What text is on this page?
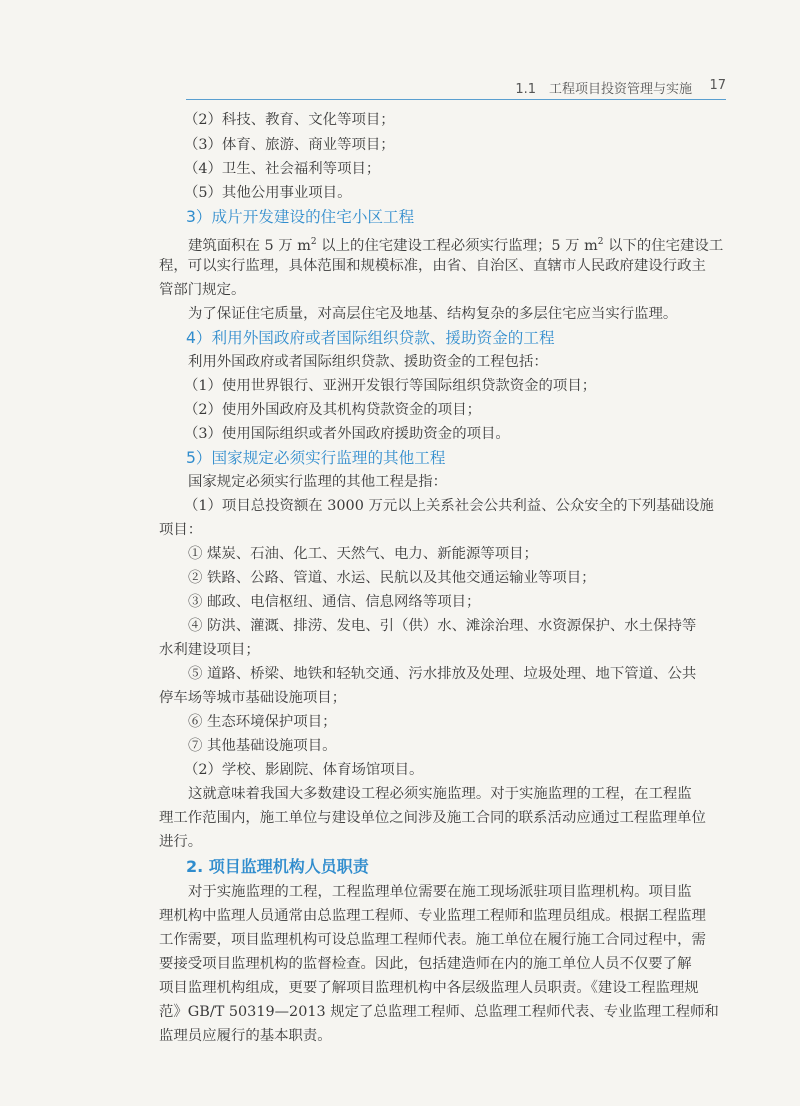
1.1　工程项目投资管理与实施 17
（2）科技、教育、文化等项目；
（3）体育、旅游、商业等项目；
（4）卫生、社会福利等项目；
（5）其他公用事业项目。
3）成片开发建设的住宅小区工程
建筑面积在 5 万 $m^2$ 以上的住宅建设工程必须实行监理；5 万 $m^2$ 以下的住宅建设工
程，可以实行监理，具体范围和规模标准，由省、自治区、直辖市人民政府建设行政主
管部门规定。
为了保证住宅质量，对高层住宅及地基、结构复杂的多层住宅应当实行监理。
4）利用外国政府或者国际组织贷款、援助资金的工程
利用外国政府或者国际组织贷款、援助资金的工程包括：
（1）使用世界银行、亚洲开发银行等国际组织贷款资金的项目；
（2）使用外国政府及其机构贷款资金的项目；
（3）使用国际组织或者外国政府援助资金的项目。
5）国家规定必须实行监理的其他工程
国家规定必须实行监理的其他工程是指：
（1）项目总投资额在 3000 万元以上关系社会公共利益、公众安全的下列基础设施
项目：
① 煤炭、石油、化工、天然气、电力、新能源等项目；
② 铁路、公路、管道、水运、民航以及其他交通运输业等项目；
③ 邮政、电信枢纽、通信、信息网络等项目；
④ 防洪、灌溉、排涝、发电、引（供）水、滩涂治理、水资源保护、水土保持等
水利建设项目；
⑤ 道路、桥梁、地铁和轻轨交通、污水排放及处理、垃圾处理、地下管道、公共
停车场等城市基础设施项目；
⑥ 生态环境保护项目；
⑦ 其他基础设施项目。
（2）学校、影剧院、体育场馆项目。
这就意味着我国大多数建设工程必须实施监理。对于实施监理的工程，在工程监
理工作范围内，施工单位与建设单位之间涉及施工合同的联系活动应通过工程监理单位
进行。
2. 项目监理机构人员职责
对于实施监理的工程，工程监理单位需要在施工现场派驻项目监理机构。项目监
理机构中监理人员通常由总监理工程师、专业监理工程师和监理员组成。根据工程监理
工作需要，项目监理机构可设总监理工程师代表。施工单位在履行施工合同过程中，需
要接受项目监理机构的监督检查。因此，包括建造师在内的施工单位人员不仅要了解
项目监理机构组成，更要了解项目监理机构中各层级监理人员职责。《建设工程监理规
范》GB/T 50319—2013 规定了总监理工程师、总监理工程师代表、专业监理工程师和
监理员应履行的基本职责。
